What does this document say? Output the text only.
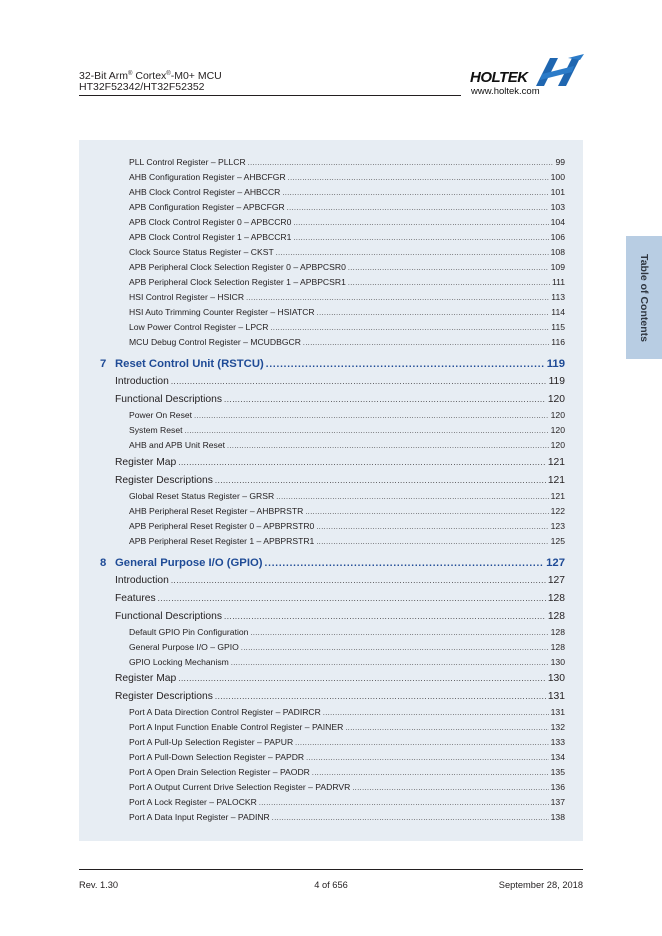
32-Bit Arm® Cortex®-M0+ MCU
HT32F52342/HT32F52352
HOLTEK
www.holtek.com
Table of Contents
PLL Control Register – PLLCR .....	99
AHB Configuration Register – AHBCFGR .....	100
AHB Clock Control Register – AHBCCR .....	101
APB Configuration Register – APBCFGR .....	103
APB Clock Control Register 0 – APBCCR0 .....	104
APB Clock Control Register 1 – APBCCR1 .....	106
Clock Source Status Register – CKST .....	108
APB Peripheral Clock Selection Register 0 – APBPCSR0 .....	109
APB Peripheral Clock Selection Register 1 – APBPCSR1 .....	111
HSI Control Register – HSICR .....	113
HSI Auto Trimming Counter Register – HSIATCR .....	114
Low Power Control Register – LPCR .....	115
MCU Debug Control Register – MCUDBGCR .....	116
7 Reset Control Unit (RSTCU) .....	119
Introduction .....	119
Functional Descriptions .....	120
Power On Reset .....	120
System Reset .....	120
AHB and APB Unit Reset .....	120
Register Map .....	121
Register Descriptions .....	121
Global Reset Status Register – GRSR .....	121
AHB Peripheral Reset Register – AHBPRSTR .....	122
APB Peripheral Reset Register 0 – APBPRSTR0 .....	123
APB Peripheral Reset Register 1 – APBPRSTR1 .....	125
8 General Purpose I/O (GPIO) .....	127
Introduction .....	127
Features .....	128
Functional Descriptions .....	128
Default GPIO Pin Configuration .....	128
General Purpose I/O – GPIO .....	128
GPIO Locking Mechanism .....	130
Register Map .....	130
Register Descriptions .....	131
Port A Data Direction Control Register – PADIRCR .....	131
Port A Input Function Enable Control Register – PAINER .....	132
Port A Pull-Up Selection Register – PAPUR .....	133
Port A Pull-Down Selection Register – PAPDR .....	134
Port A Open Drain Selection Register – PAODR .....	135
Port A Output Current Drive Selection Register – PADRVR .....	136
Port A Lock Register – PALOCKR .....	137
Port A Data Input Register – PADINR .....	138
Rev. 1.30	4 of 656	September 28, 2018
